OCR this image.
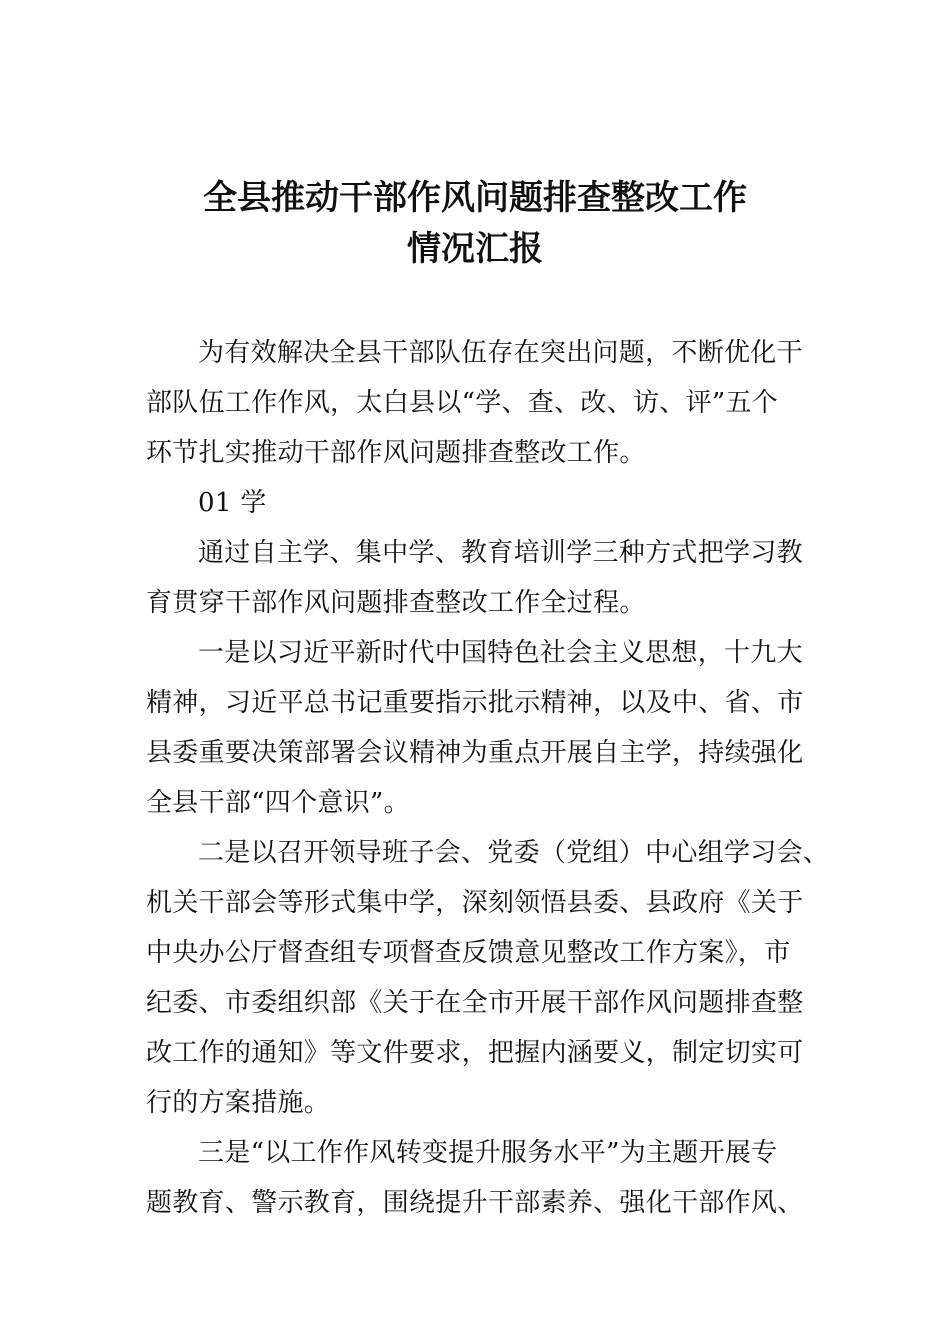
全县推动干部作风问题排查整改工作
情况汇报
为有效解决全县干部队伍存在突出问题，不断优化干
部队伍工作作风，太白县以“学、查、改、访、评”五个
环节扎实推动干部作风问题排查整改工作。
01 学
通过自主学、集中学、教育培训学三种方式把学习教
育贯穿干部作风问题排查整改工作全过程。
一是以习近平新时代中国特色社会主义思想，十九大
精神，习近平总书记重要指示批示精神，以及中、省、市
县委重要决策部署会议精神为重点开展自主学，持续强化
全县干部“四个意识”。
二是以召开领导班子会、党委（党组）中心组学习会、
机关干部会等形式集中学，深刻领悟县委、县政府《关于
中央办公厅督查组专项督查反馈意见整改工作方案》，市
纪委、市委组织部《关于在全市开展干部作风问题排查整
改工作的通知》等文件要求，把握内涵要义，制定切实可
行的方案措施。
三是“以工作作风转变提升服务水平”为主题开展专
题教育、警示教育，围绕提升干部素养、强化干部作风、
